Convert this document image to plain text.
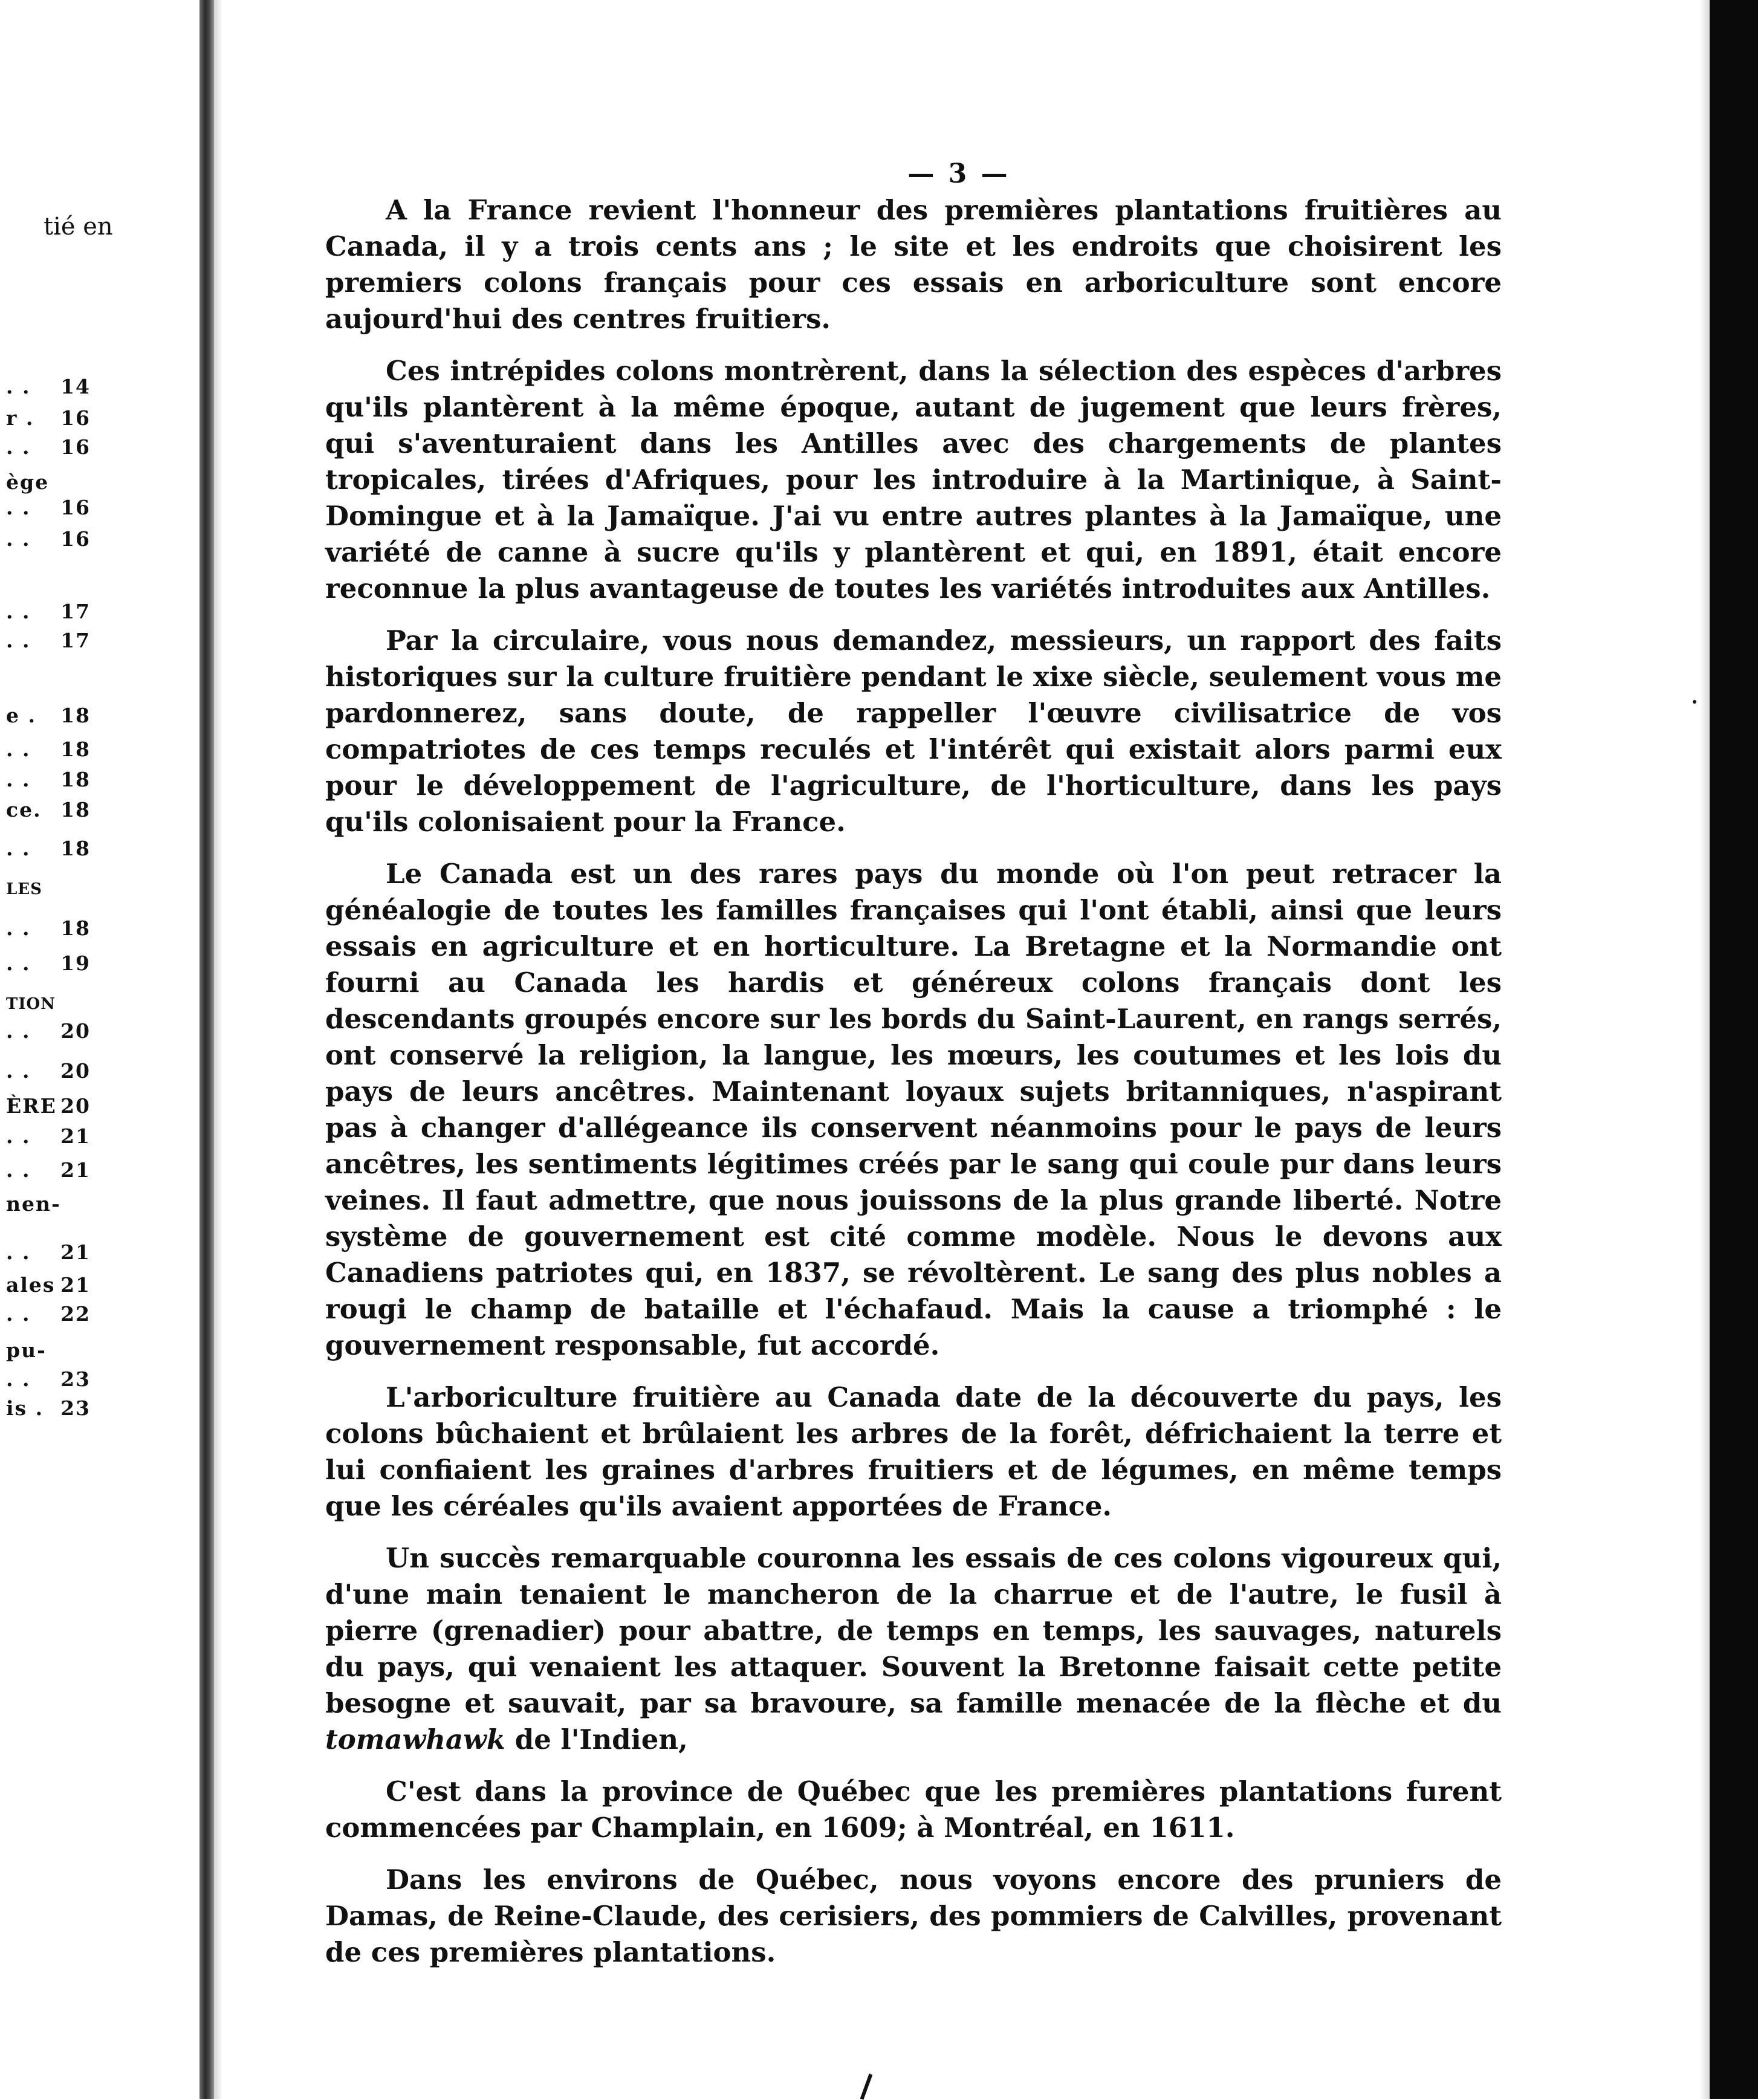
tié en
. . 14
r . 16
. . 16
ège
. . 16
. . 16
. . 17
. . 17
e . 18
. . 18
. . 18
ce. 18
. . 18
LES
. . 18
. . 19
TION
. . 20
. . 20
ÈRE 20
. . 21
. . 21
nen-
. . 21
ales 21
. . 22
pu-
. . 23
is . 23
— 3 —

A la France revient l'honneur des premières plantations fruitières au Canada, il y a trois cents ans ; le site et les endroits que choisirent les premiers colons français pour ces essais en arboriculture sont encore aujourd'hui des centres fruitiers.

Ces intrépides colons montrèrent, dans la sélection des espèces d'arbres qu'ils plantèrent à la même époque, autant de jugement que leurs frères, qui s'aventuraient dans les Antilles avec des chargements de plantes tropicales, tirées d'Afriques, pour les introduire à la Martinique, à Saint-Domingue et à la Jamaïque. J'ai vu entre autres plantes à la Jamaïque, une variété de canne à sucre qu'ils y plantèrent et qui, en 1891, était encore reconnue la plus avantageuse de toutes les variétés introduites aux Antilles.

Par la circulaire, vous nous demandez, messieurs, un rapport des faits historiques sur la culture fruitière pendant le xixe siècle, seulement vous me pardonnerez, sans doute, de rappeller l'œuvre civilisatrice de vos compatriotes de ces temps reculés et l'intérêt qui existait alors parmi eux pour le développement de l'agriculture, de l'horticulture, dans les pays qu'ils colonisaient pour la France.

Le Canada est un des rares pays du monde où l'on peut retracer la généalogie de toutes les familles françaises qui l'ont établi, ainsi que leurs essais en agriculture et en horticulture. La Bretagne et la Normandie ont fourni au Canada les hardis et généreux colons français dont les descendants groupés encore sur les bords du Saint-Laurent, en rangs serrés, ont conservé la religion, la langue, les mœurs, les coutumes et les lois du pays de leurs ancêtres. Maintenant loyaux sujets britanniques, n'aspirant pas à changer d'allégeance ils conservent néanmoins pour le pays de leurs ancêtres, les sentiments légitimes créés par le sang qui coule pur dans leurs veines. Il faut admettre, que nous jouissons de la plus grande liberté. Notre système de gouvernement est cité comme modèle. Nous le devons aux Canadiens patriotes qui, en 1837, se révoltèrent. Le sang des plus nobles a rougi le champ de bataille et l'échafaud. Mais la cause a triomphé : le gouvernement responsable, fut accordé.

L'arboriculture fruitière au Canada date de la découverte du pays, les colons bûchaient et brûlaient les arbres de la forêt, défrichaient la terre et lui confiaient les graines d'arbres fruitiers et de légumes, en même temps que les céréales qu'ils avaient apportées de France.

Un succès remarquable couronna les essais de ces colons vigoureux qui, d'une main tenaient le mancheron de la charrue et de l'autre, le fusil à pierre (grenadier) pour abattre, de temps en temps, les sauvages, naturels du pays, qui venaient les attaquer. Souvent la Bretonne faisait cette petite besogne et sauvait, par sa bravoure, sa famille menacée de la flèche et du tomawhawk de l'Indien,

C'est dans la province de Québec que les premières plantations furent commencées par Champlain, en 1609; à Montréal, en 1611.

Dans les environs de Québec, nous voyons encore des pruniers de Damas, de Reine-Claude, des cerisiers, des pommiers de Calvilles, provenant de ces premières plantations.
